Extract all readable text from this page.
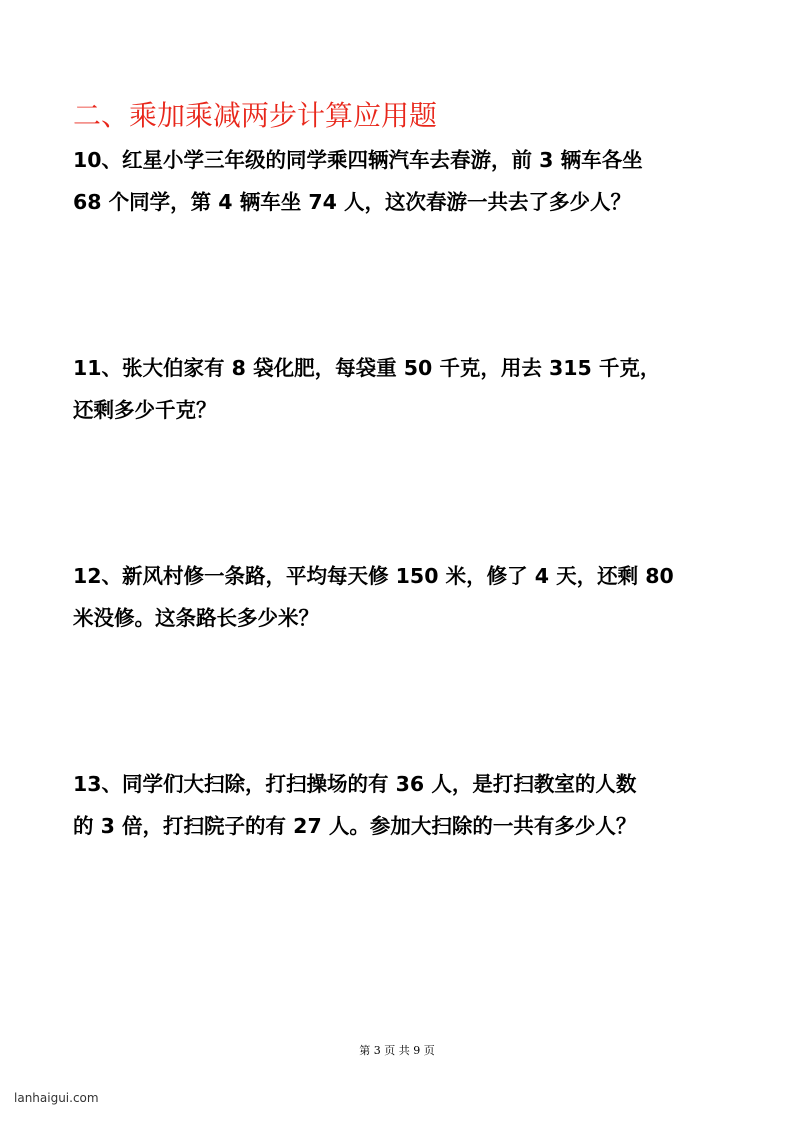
二、乘加乘减两步计算应用题
10、红星小学三年级的同学乘四辆汽车去春游，前 3 辆车各坐
68 个同学，第 4 辆车坐 74 人，这次春游一共去了多少人？
11、张大伯家有 8 袋化肥，每袋重 50 千克，用去 315 千克，
还剩多少千克？
12、新风村修一条路，平均每天修 150 米，修了 4 天，还剩 80
米没修。这条路长多少米？
13、同学们大扫除，打扫操场的有 36 人，是打扫教室的人数
的 3 倍，打扫院子的有 27 人。参加大扫除的一共有多少人？
第 3 页 共 9 页
lanhaigui.com
